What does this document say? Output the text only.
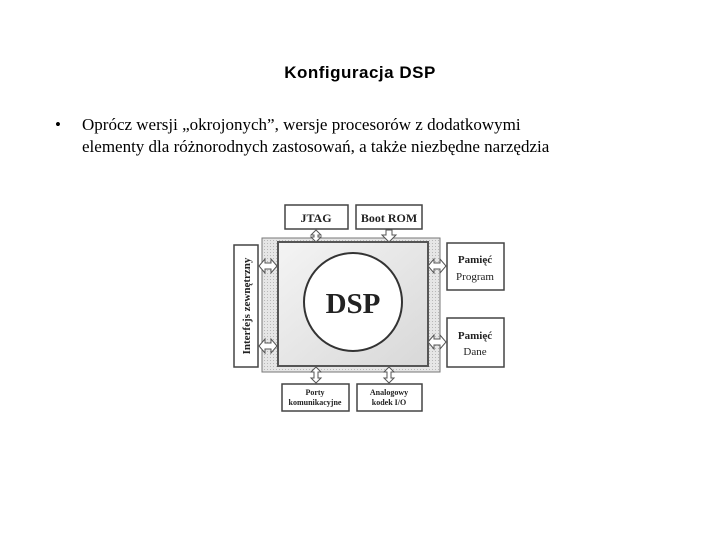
Konfiguracja DSP
• Oprócz wersji „okrojonych”, wersje procesorów z dodatkowymi
elementy dla różnorodnych zastosowań, a także niezbędne narzędzia
DSP
JTAG Boot ROM
Interfejs zewnętrzny	Pamięć
Program
Pamięć
Dane
Porty
komunikacyjne
Analogowy
kodek I/O
